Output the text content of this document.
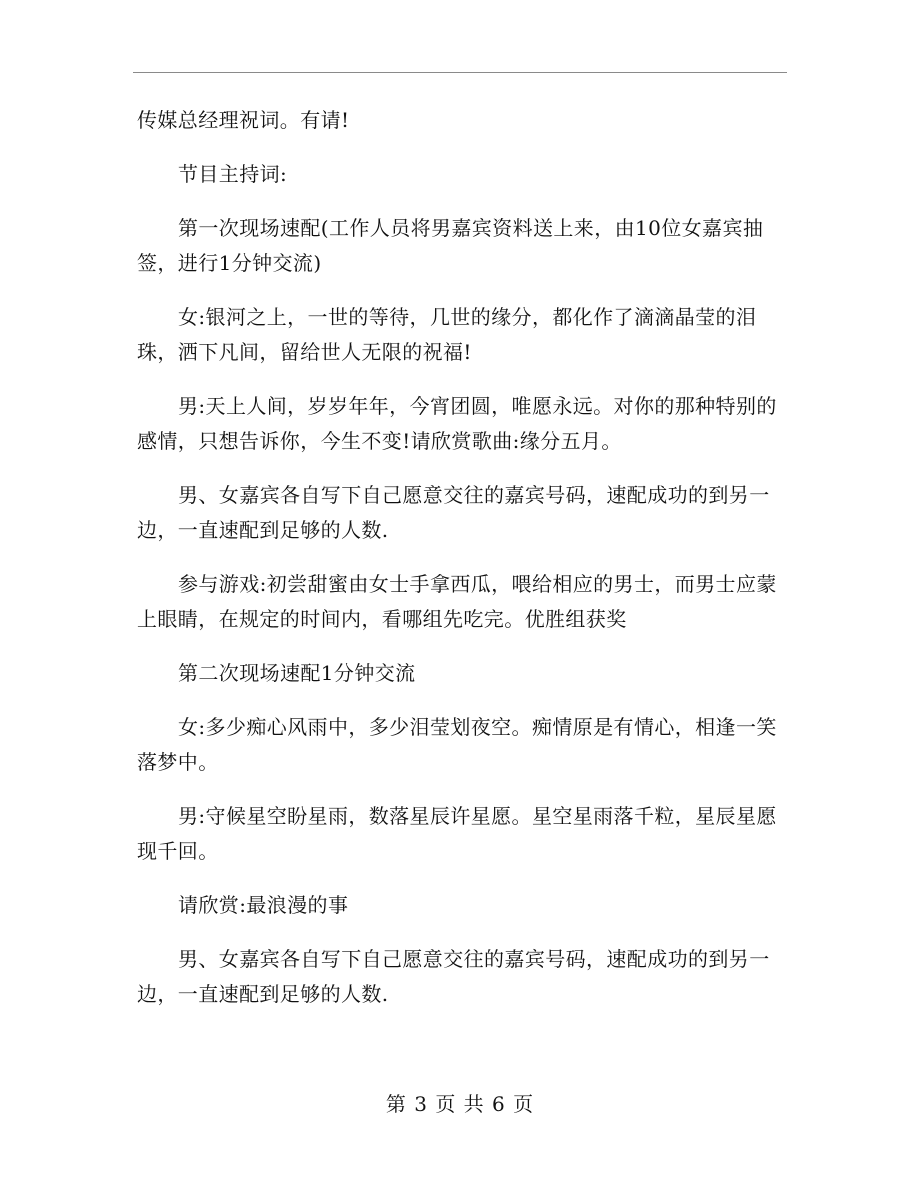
传媒总经理祝词。有请!

节目主持词:

第一次现场速配(工作人员将男嘉宾资料送上来，由10位女嘉宾抽签，进行1分钟交流)

女:银河之上，一世的等待，几世的缘分，都化作了滴滴晶莹的泪珠，洒下凡间，留给世人无限的祝福!

男:天上人间，岁岁年年，今宵团圆，唯愿永远。对你的那种特别的感情，只想告诉你，今生不变!请欣赏歌曲:缘分五月。

男、女嘉宾各自写下自己愿意交往的嘉宾号码，速配成功的到另一边，一直速配到足够的人数.

参与游戏:初尝甜蜜由女士手拿西瓜，喂给相应的男士，而男士应蒙上眼睛，在规定的时间内，看哪组先吃完。优胜组获奖

第二次现场速配1分钟交流

女:多少痴心风雨中，多少泪莹划夜空。痴情原是有情心，相逢一笑落梦中。

男:守候星空盼星雨，数落星辰许星愿。星空星雨落千粒，星辰星愿现千回。

请欣赏:最浪漫的事

男、女嘉宾各自写下自己愿意交往的嘉宾号码，速配成功的到另一边，一直速配到足够的人数.

第 3 页 共 6 页
